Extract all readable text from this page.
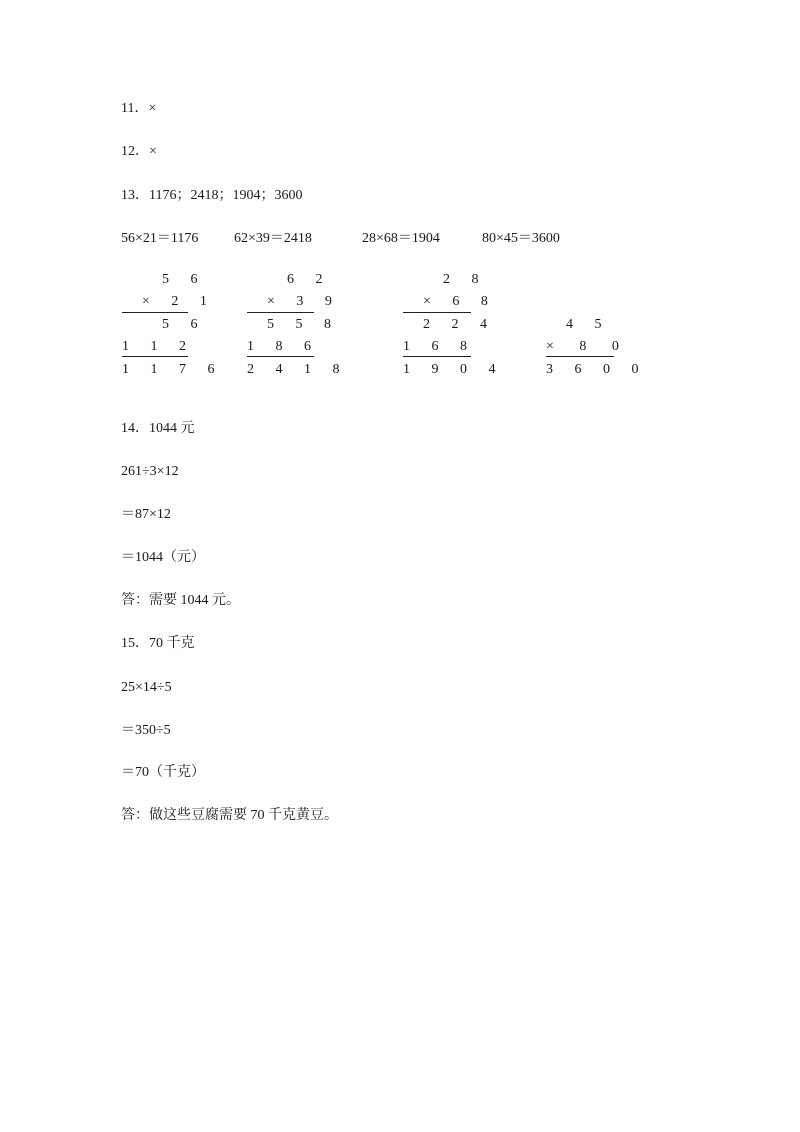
11．×
12．×
13．1176；2418；1904；3600
56×21＝1176	62×39＝2418	28×68＝1904	80×45＝3600
5 6
× 2 1
5 6
1 1 2
1 1 7 6
6 2
× 3 9
5 5 8
1 8 6
2 4 1 8
2 8
× 6 8
2 2 4
1 6 8
1 9 0 4
4 5
× 8 0
3 6 0 0
14．1044 元
261÷3×12
＝87×12
＝1044（元）
答：需要 1044 元。
15．70 千克
25×14÷5
＝350÷5
＝70（千克）
答：做这些豆腐需要 70 千克黄豆。
